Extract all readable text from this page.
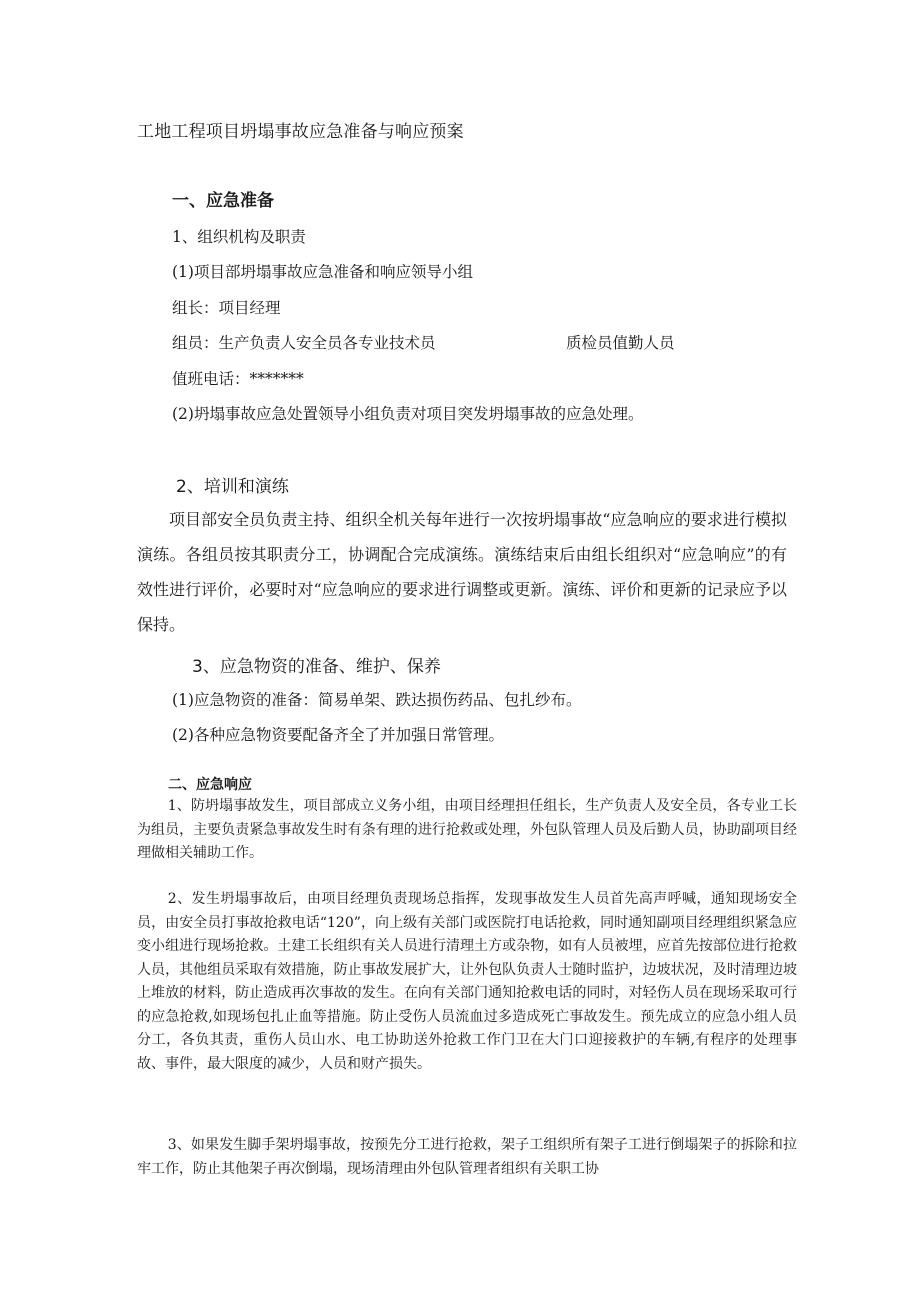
工地工程项目坍塌事故应急准备与响应预案

一、应急准备

1、组织机构及职责

(1)项目部坍塌事故应急准备和响应领导小组

组长：项目经理

组员：生产负责人安全员各专业技术员	质检员值勤人员

值班电话：*******

(2)坍塌事故应急处置领导小组负责对项目突发坍塌事故的应急处理。

2、培训和演练

项目部安全员负责主持、组织全机关每年进行一次按坍塌事故“应急响应的要求进行模拟演练。各组员按其职责分工，协调配合完成演练。演练结束后由组长组织对“应急响应”的有效性进行评价，必要时对“应急响应的要求进行调整或更新。演练、评价和更新的记录应予以保持。

3、应急物资的准备、维护、保养

(1)应急物资的准备：简易单架、跌达损伤药品、包扎纱布。

(2)各种应急物资要配备齐全了并加强日常管理。

二、应急响应

1、防坍塌事故发生，项目部成立义务小组，由项目经理担任组长，生产负责人及安全员，各专业工长为组员，主要负责紧急事故发生时有条有理的进行抢救或处理，外包队管理人员及后勤人员，协助副项目经理做相关辅助工作。

2、发生坍塌事故后，由项目经理负责现场总指挥，发现事故发生人员首先高声呼喊，通知现场安全员，由安全员打事故抢救电话“120”，向上级有关部门或医院打电话抢救，同时通知副项目经理组织紧急应变小组进行现场抢救。土建工长组织有关人员进行清理土方或杂物，如有人员被埋，应首先按部位进行抢救人员，其他组员采取有效措施，防止事故发展扩大，让外包队负责人士随时监护，边坡状况，及时清理边坡上堆放的材料，防止造成再次事故的发生。在向有关部门通知抢救电话的同时，对轻伤人员在现场采取可行的应急抢救,如现场包扎止血等措施。防止受伤人员流血过多造成死亡事故发生。预先成立的应急小组人员分工，各负其责，重伤人员山水、电工协助送外抢救工作门卫在大门口迎接救护的车辆,有程序的处理事故、事件，最大限度的减少，人员和财产损失。

3、如果发生脚手架坍塌事故，按预先分工进行抢救，架子工组织所有架子工进行倒塌架子的拆除和拉牢工作，防止其他架子再次倒塌，现场清理由外包队管理者组织有关职工协
